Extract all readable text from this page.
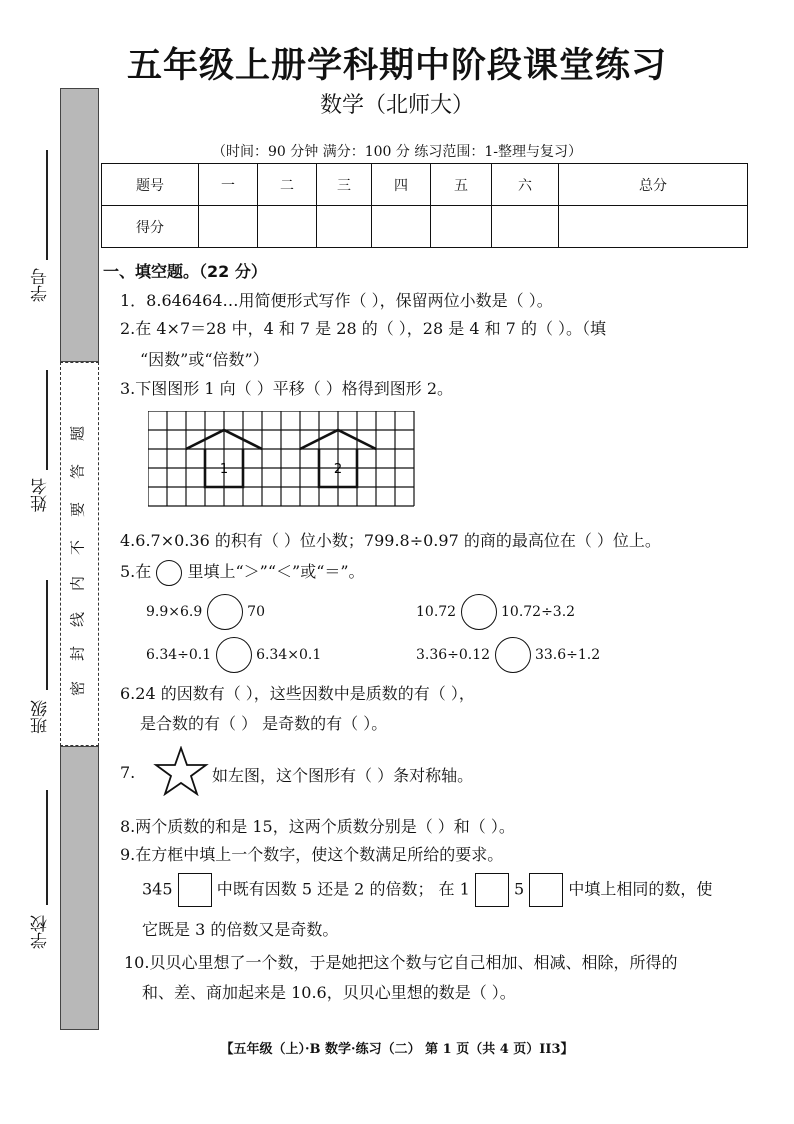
五年级上册学科期中阶段课堂练习
数学（北师大）
（时间：90 分钟 满分：100 分 练习范围：1-整理与复习）
题号	一	二	三	四	五	六	总分
得分							
题
答
要
不
内
线
封
密
学号
姓名
班级
学校
一、填空题。（22 分）
1．8.646464…用简便形式写作（ ），保留两位小数是（ ）。
2.在 4×7＝28 中，4 和 7 是 28 的（ ），28 是 4 和 7 的（ ）。（填
“因数”或“倍数”）
3.下图图形 1 向（ ）平移（ ）格得到图形 2。
1	2
4.6.7×0.36 的积有（ ）位小数；799.8÷0.97 的商的最高位在（ ）位上。
5.在 里填上“＞”“＜”或“＝”。
9.9×6.9	70	10.72	10.72÷3.2
6.34÷0.1	6.34×0.1	3.36÷0.12	33.6÷1.2
6.24 的因数有（ ），这些因数中是质数的有（ ），
是合数的有（ ） 是奇数的有（ ）。
7.	如左图，这个图形有（ ）条对称轴。
8.两个质数的和是 15，这两个质数分别是（ ）和（ ）。
9.在方框中填上一个数字，使这个数满足所给的要求。
345	中既有因数 5 还是 2 的倍数； 在 1	5	中填上相同的数，使
它既是 3 的倍数又是奇数。
10.贝贝心里想了一个数，于是她把这个数与它自己相加、相减、相除，所得的
和、差、商加起来是 10.6，贝贝心里想的数是（ ）。
【五年级（上）·B 数学·练习（二） 第 1 页（共 4 页）II3】
